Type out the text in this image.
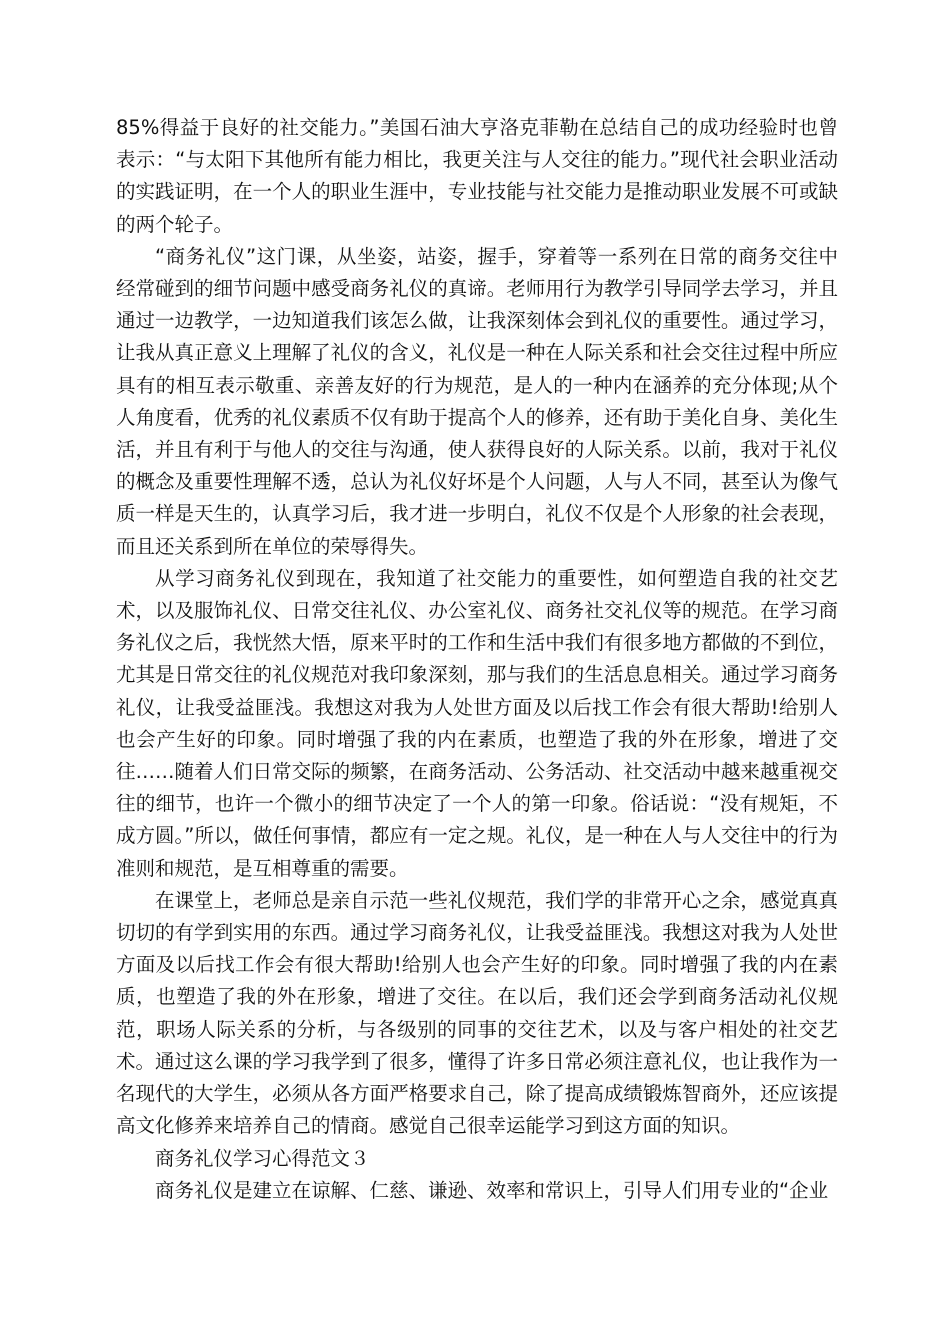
85%得益于良好的社交能力。”美国石油大亨洛克菲勒在总结自己的成功经验时也曾表示：“与太阳下其他所有能力相比，我更关注与人交往的能力。”现代社会职业活动的实践证明，在一个人的职业生涯中，专业技能与社交能力是推动职业发展不可或缺的两个轮子。

“商务礼仪”这门课，从坐姿，站姿，握手，穿着等一系列在日常的商务交往中经常碰到的细节问题中感受商务礼仪的真谛。老师用行为教学引导同学去学习，并且通过一边教学，一边知道我们该怎么做，让我深刻体会到礼仪的重要性。通过学习，让我从真正意义上理解了礼仪的含义，礼仪是一种在人际关系和社会交往过程中所应具有的相互表示敬重、亲善友好的行为规范，是人的一种内在涵养的充分体现;从个人角度看，优秀的礼仪素质不仅有助于提高个人的修养，还有助于美化自身、美化生活，并且有利于与他人的交往与沟通，使人获得良好的人际关系。以前，我对于礼仪的概念及重要性理解不透，总认为礼仪好坏是个人问题，人与人不同，甚至认为像气质一样是天生的，认真学习后，我才进一步明白，礼仪不仅是个人形象的社会表现，而且还关系到所在单位的荣辱得失。

从学习商务礼仪到现在，我知道了社交能力的重要性，如何塑造自我的社交艺术，以及服饰礼仪、日常交往礼仪、办公室礼仪、商务社交礼仪等的规范。在学习商务礼仪之后，我恍然大悟，原来平时的工作和生活中我们有很多地方都做的不到位，尤其是日常交往的礼仪规范对我印象深刻，那与我们的生活息息相关。通过学习商务礼仪，让我受益匪浅。我想这对我为人处世方面及以后找工作会有很大帮助!给别人也会产生好的印象。同时增强了我的内在素质，也塑造了我的外在形象，增进了交往……随着人们日常交际的频繁，在商务活动、公务活动、社交活动中越来越重视交往的细节，也许一个微小的细节决定了一个人的第一印象。俗话说：“没有规矩，不成方圆。”所以，做任何事情，都应有一定之规。礼仪，是一种在人与人交往中的行为准则和规范，是互相尊重的需要。

在课堂上，老师总是亲自示范一些礼仪规范，我们学的非常开心之余，感觉真真切切的有学到实用的东西。通过学习商务礼仪，让我受益匪浅。我想这对我为人处世方面及以后找工作会有很大帮助!给别人也会产生好的印象。同时增强了我的内在素质，也塑造了我的外在形象，增进了交往。在以后，我们还会学到商务活动礼仪规范，职场人际关系的分析，与各级别的同事的交往艺术，以及与客户相处的社交艺术。通过这么课的学习我学到了很多，懂得了许多日常必须注意礼仪，也让我作为一名现代的大学生，必须从各方面严格要求自己，除了提高成绩锻炼智商外，还应该提高文化修养来培养自己的情商。感觉自己很幸运能学习到这方面的知识。

商务礼仪学习心得范文３

商务礼仪是建立在谅解、仁慈、谦逊、效率和常识上，引导人们用专业的“企业
